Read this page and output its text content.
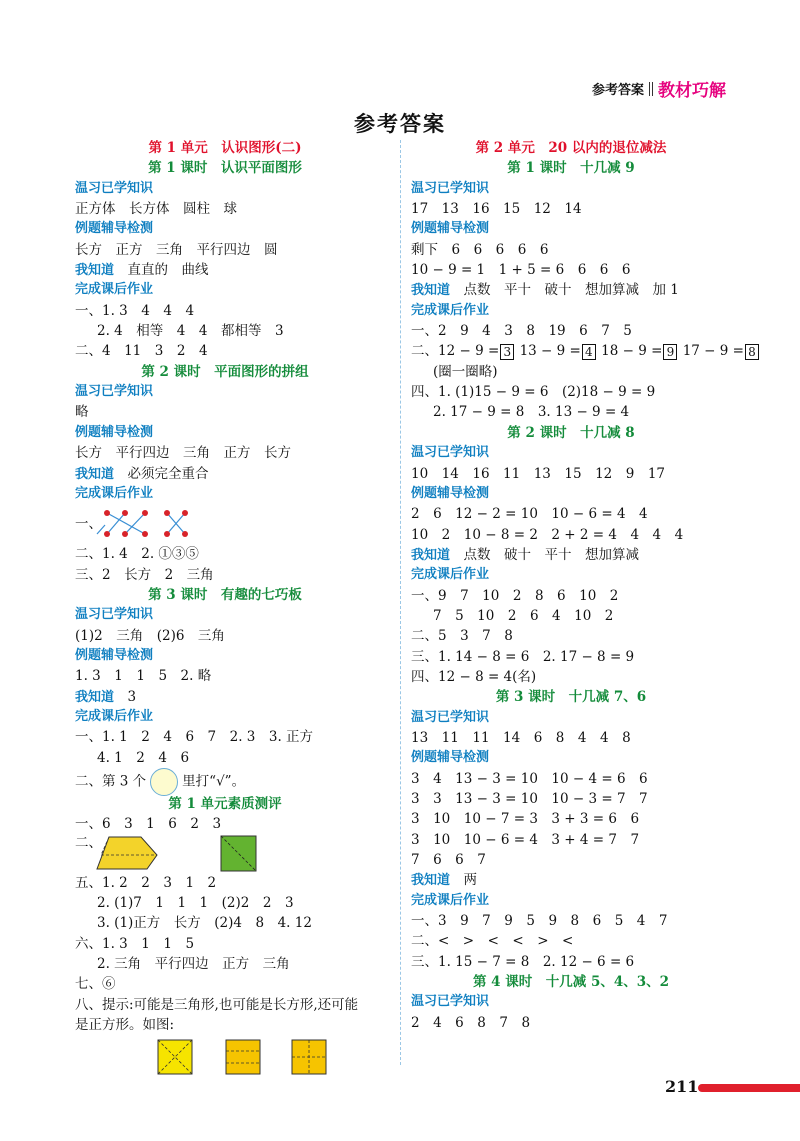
参考答案 教材巧解
参考答案
第 1 单元　认识图形(二)
第 1 课时　认识平面图形
温习已学知识
正方体　长方体　圆柱　球
例题辅导检测
长方　正方　三角　平行四边　圆
我知道　 直直的　曲线
完成课后作业
一、1. 3　4　4　4
2. 4　相等　4　4　都相等　3
二、4　11　3　2　4
第 2 课时　平面图形的拼组
温习已学知识
略
例题辅导检测
长方　平行四边　三角　正方　长方
我知道　 必须完全重合
完成课后作业
一、
二、1. 4　2. ①③⑤
三、2　长方　2　三角
第 3 课时　有趣的七巧板
温习已学知识
(1)2　三角　(2)6　三角
例题辅导检测
1. 3　1　1　5　2. 略
我知道　 3
完成课后作业
一、1. 1　2　4　6　7　2. 3　3. 正方
4. 1　2　4　6
二、第 3 个	里打“√”。
第 1 单元素质测评
一、6　3　1　6　2　3
二、
五、1. 2　2　3　1　2
2. (1)7　1　1　1　(2)2　2　3
3. (1)正方　长方　(2)4　8　4. 12
六、1. 3　1　1　5
2. 三角　平行四边　正方　三角
七、⑥
八、提示:可能是三角形,也可能是长方形,还可能
是正方形。如图:
第 2 单元　20 以内的退位减法
第 1 课时　十几减 9
温习已学知识
17　13　16　15　12　14
例题辅导检测
剩下　6　6　6　6　6
10 − 9 = 1　1 + 5 = 6　6　6　6
我知道　 点数　平十　破十　想加算减　加 1
完成课后作业
一、2　9　4　3　8　19　6　7　5
二、12 − 9 = 3 13 − 9 = 4 18 − 9 = 9 17 − 9 = 8
(圈一圈略)
四、1. (1)15 − 9 = 6　(2)18 − 9 = 9
2. 17 − 9 = 8　3. 13 − 9 = 4
第 2 课时　十几减 8
温习已学知识
10　14　16　11　13　15　12　9　17
例题辅导检测
2　6　12 − 2 = 10　10 − 6 = 4　4
10　2　10 − 8 = 2　2 + 2 = 4　4　4　4
我知道　 点数　破十　平十　想加算减
完成课后作业
一、9　7　10　2　8　6　10　2
7　5　10　2　6　4　10　2
二、5　3　7　8
三、1. 14 − 8 = 6　2. 17 − 8 = 9
四、12 − 8 = 4(名)
第 3 课时　十几减 7、6
温习已学知识
13　11　11　14　6　8　4　4　8
例题辅导检测
3　4　13 − 3 = 10　10 − 4 = 6　6
3　3　13 − 3 = 10　10 − 3 = 7　7
3　10　10 − 7 = 3　3 + 3 = 6　6
3　10　10 − 6 = 4　3 + 4 = 7　7
7　6　6　7
我知道　 两
完成课后作业
一、3　9　7　9　5　9　8　6　5　4　7
二、<　>　<　<　>　<
三、1. 15 − 7 = 8　2. 12 − 6 = 6
第 4 课时　十几减 5、4、3、2
温习已学知识
2　4　6　8　7　8
211
